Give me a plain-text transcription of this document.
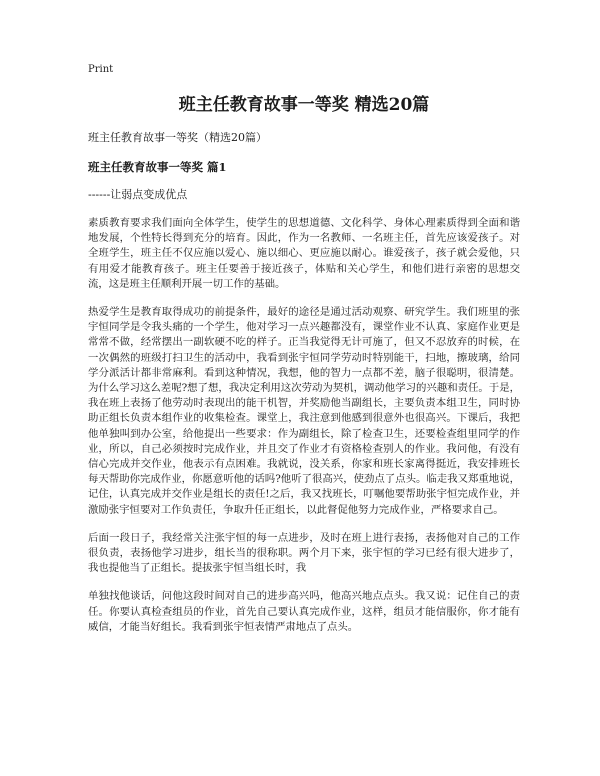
Print
班主任教育故事一等奖 精选20篇
班主任教育故事一等奖（精选20篇）
班主任教育故事一等奖 篇1
------让弱点变成优点

素质教育要求我们面向全体学生，使学生的思想道德、文化科学、身体心理素质得到全面和谐地发展，个性特长得到充分的培育。因此，作为一名教师、一名班主任，首先应该爱孩子。对全班学生，班主任不仅应施以爱心、施以细心、更应施以耐心。谁爱孩子，孩子就会爱他，只有用爱才能教育孩子。班主任要善于接近孩子，体贴和关心学生，和他们进行亲密的思想交流，这是班主任顺利开展一切工作的基础。

热爱学生是教育取得成功的前提条件，最好的途径是通过活动观察、研究学生。我们班里的张宇恒同学是令我头痛的一个学生，他对学习一点兴趣都没有，课堂作业不认真、家庭作业更是常常不做，经常摆出一副软硬不吃的样子。正当我觉得无计可施了，但又不忍放弃的时候，在一次偶然的班级打扫卫生的活动中，我看到张宇恒同学劳动时特别能干，扫地，擦玻璃，给同学分派活计都非常麻利。看到这种情况，我想，他的智力一点都不差，脑子很聪明，很清楚。为什么学习这么差呢?想了想，我决定利用这次劳动为契机，调动他学习的兴趣和责任。于是，我在班上表扬了他劳动时表现出的能干机智，并奖励他当副组长，主要负责本组卫生，同时协助正组长负责本组作业的收集检查。课堂上，我注意到他感到很意外也很高兴。下课后，我把他单独叫到办公室，给他提出一些要求：作为副组长，除了检查卫生，还要检查组里同学的作业，所以，自己必须按时完成作业，并且交了作业才有资格检查别人的作业。我问他，有没有信心完成并交作业，他表示有点困难。我就说，没关系，你家和班长家离得挺近，我安排班长每天帮助你完成作业，你愿意听他的话吗?他听了很高兴，使劲点了点头。临走我又郑重地说，记住，认真完成并交作业是组长的责任!之后，我又找班长，叮嘱他要帮助张宇恒完成作业，并激励张宇恒要对工作负责任，争取升任正组长，以此督促他努力完成作业，严格要求自己。

后面一段日子，我经常关注张宇恒的每一点进步，及时在班上进行表扬，表扬他对自己的工作很负责，表扬他学习进步，组长当的很称职。两个月下来，张宇恒的学习已经有很大进步了，我也提他当了正组长。提拔张宇恒当组长时，我

单独找他谈话，问他这段时间对自己的进步高兴吗，他高兴地点点头。我又说：记住自己的责任。你要认真检查组员的作业，首先自己要认真完成作业，这样，组员才能信服你，你才能有威信，才能当好组长。我看到张宇恒表情严肃地点了点头。
